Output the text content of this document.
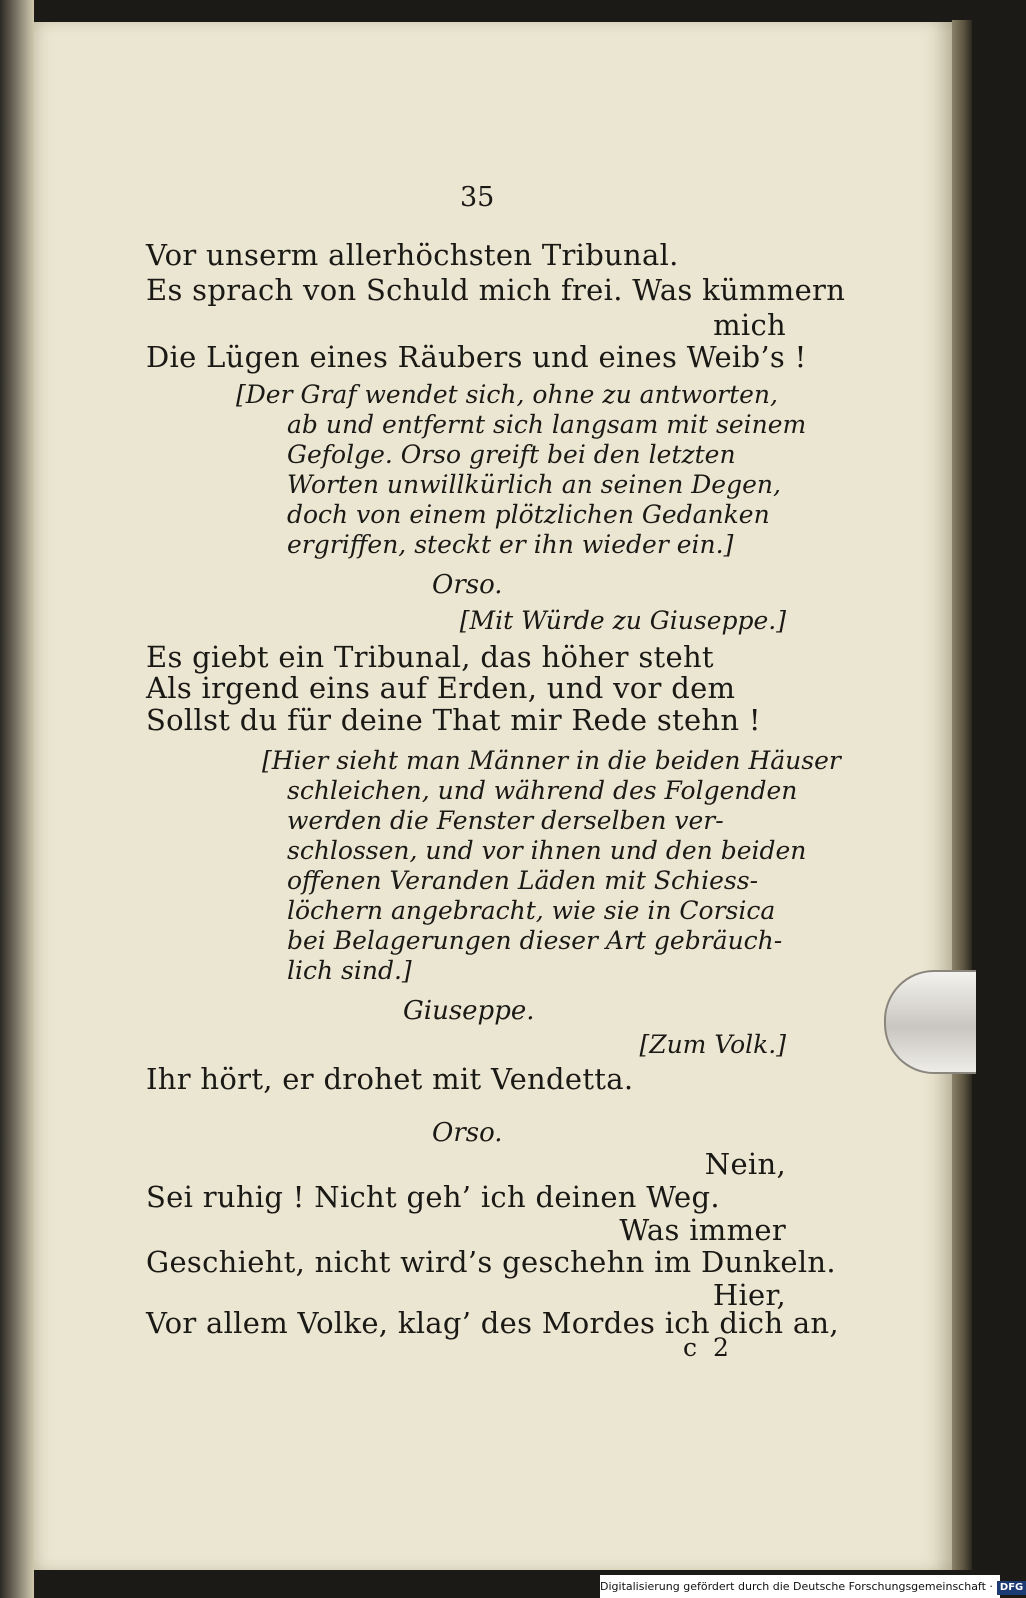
35
Vor unserm allerhöchsten Tribunal.
Es sprach von Schuld mich frei. Was kümmern
mich
Die Lügen eines Räubers und eines Weib’s !
[Der Graf wendet sich, ohne zu antworten,
ab und entfernt sich langsam mit seinem
Gefolge. Orso greift bei den letzten
Worten unwillkürlich an seinen Degen,
doch von einem plötzlichen Gedanken
ergriffen, steckt er ihn wieder ein.]
Orso.
[Mit Würde zu Giuseppe.]
Es giebt ein Tribunal, das höher steht
Als irgend eins auf Erden, und vor dem
Sollst du für deine That mir Rede stehn !
[Hier sieht man Männer in die beiden Häuser
schleichen, und während des Folgenden
werden die Fenster derselben ver-
schlossen, und vor ihnen und den beiden
offenen Veranden Läden mit Schiess-
löchern angebracht, wie sie in Corsica
bei Belagerungen dieser Art gebräuch-
lich sind.]
Giuseppe.
[Zum Volk.]
Ihr hört, er drohet mit Vendetta.
Orso.
Nein,
Sei ruhig ! Nicht geh’ ich deinen Weg.
Was immer
Geschieht, nicht wird’s geschehn im Dunkeln.
Hier,
Vor allem Volke, klag’ des Mordes ich dich an,
c 2
Digitalisierung gefördert durch die Deutsche Forschungsgemeinschaft · DFG
